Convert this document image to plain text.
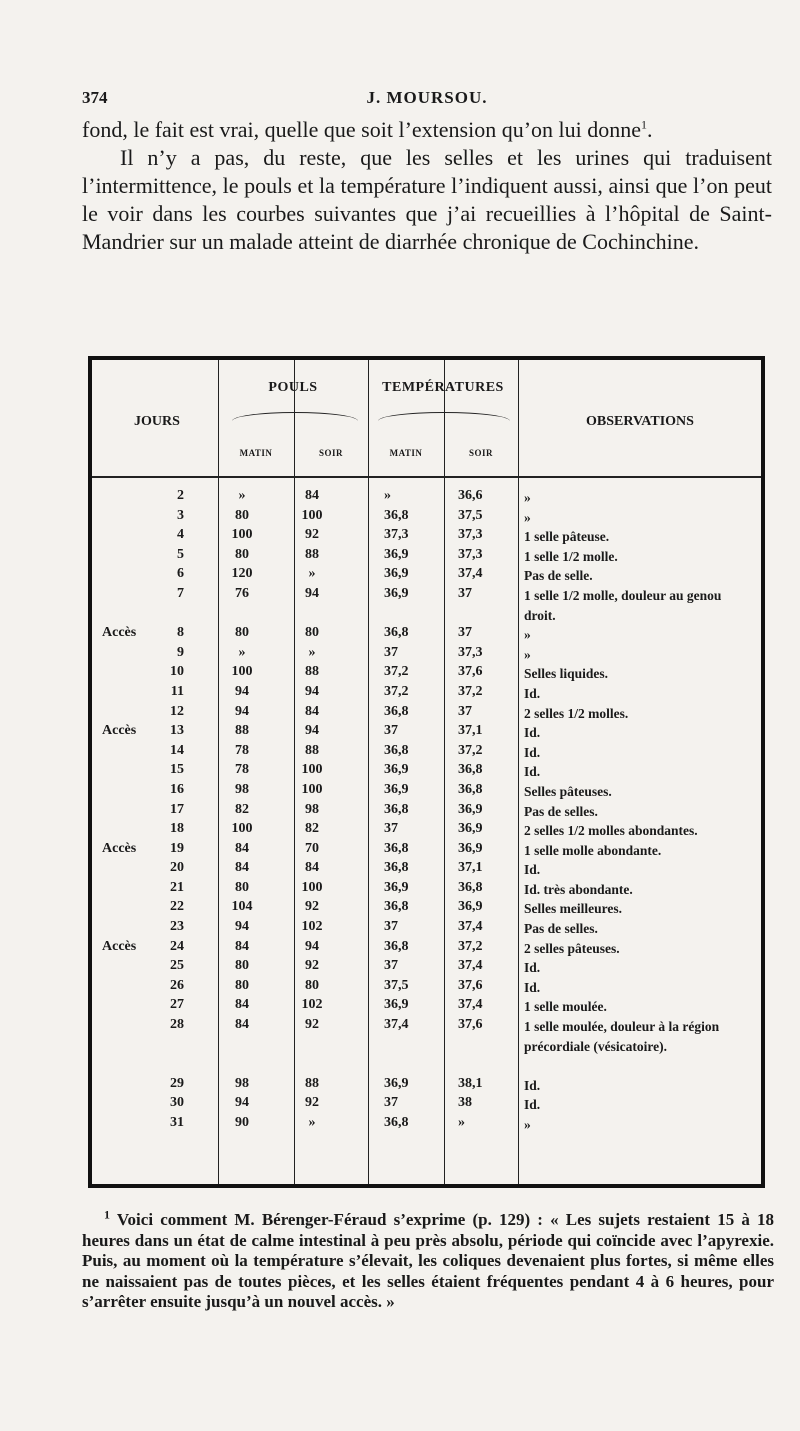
374	J. MOURSOU.

fond, le fait est vrai, quelle que soit l’extension qu’on lui donne$^1$.

Il n’y a pas, du reste, que les selles et les urines qui traduisent l’intermittence, le pouls et la température l’indiquent aussi, ainsi que l’on peut le voir dans les courbes suivantes que j’ai recueillies à l’hôpital de Saint-Mandrier sur un malade atteint de diarrhée chronique de Cochinchine.

JOURS
POULS	TEMPÉRATURES
OBSERVATIONS
MATIN	SOIR	MATIN	SOIR
2	»	84	»	36,6	»
3	80	100	36,8	37,5	»
4	100	92	37,3	37,3	1 selle pâteuse.
5	80	88	36,9	37,3	1 selle 1/2 molle.
6	120	»	36,9	37,4	Pas de selle.
7	76	94	36,9	37	1 selle 1/2 molle, douleur au genou droit.
Accès	8	80	80	36,8	37	»
9	»	»	37	37,3	»
10	100	88	37,2	37,6	Selles liquides.
11	94	94	37,2	37,2	Id.
12	94	84	36,8	37	2 selles 1/2 molles.
Accès	13	88	94	37	37,1	Id.
14	78	88	36,8	37,2	Id.
15	78	100	36,9	36,8	Id.
16	98	100	36,9	36,8	Selles pâteuses.
17	82	98	36,8	36,9	Pas de selles.
18	100	82	37	36,9	2 selles 1/2 molles abondantes.
Accès	19	84	70	36,8	36,9	1 selle molle abondante.
20	84	84	36,8	37,1	Id.
21	80	100	36,9	36,8	Id. très abondante.
22	104	92	36,8	36,9	Selles meilleures.
23	94	102	37	37,4	Pas de selles.
Accès	24	84	94	36,8	37,2	2 selles pâteuses.
25	80	92	37	37,4	Id.
26	80	80	37,5	37,6	Id.
27	84	102	36,9	37,4	1 selle moulée.
28	84	92	37,4	37,6	1 selle moulée, douleur à la région précordiale (vésicatoire).
29	98	88	36,9	38,1	Id.
30	94	92	37	38	Id.
31	90	»	36,8	»	»

$^1$ Voici comment M. Bérenger-Féraud s’exprime (p. 129) : « Les sujets restaient 15 à 18 heures dans un état de calme intestinal à peu près absolu, période qui coïncide avec l’apyrexie. Puis, au moment où la température s’élevait, les coliques devenaient plus fortes, si même elles ne naissaient pas de toutes pièces, et les selles étaient fréquentes pendant 4 à 6 heures, pour s’arrêter ensuite jusqu’à un nouvel accès. »
